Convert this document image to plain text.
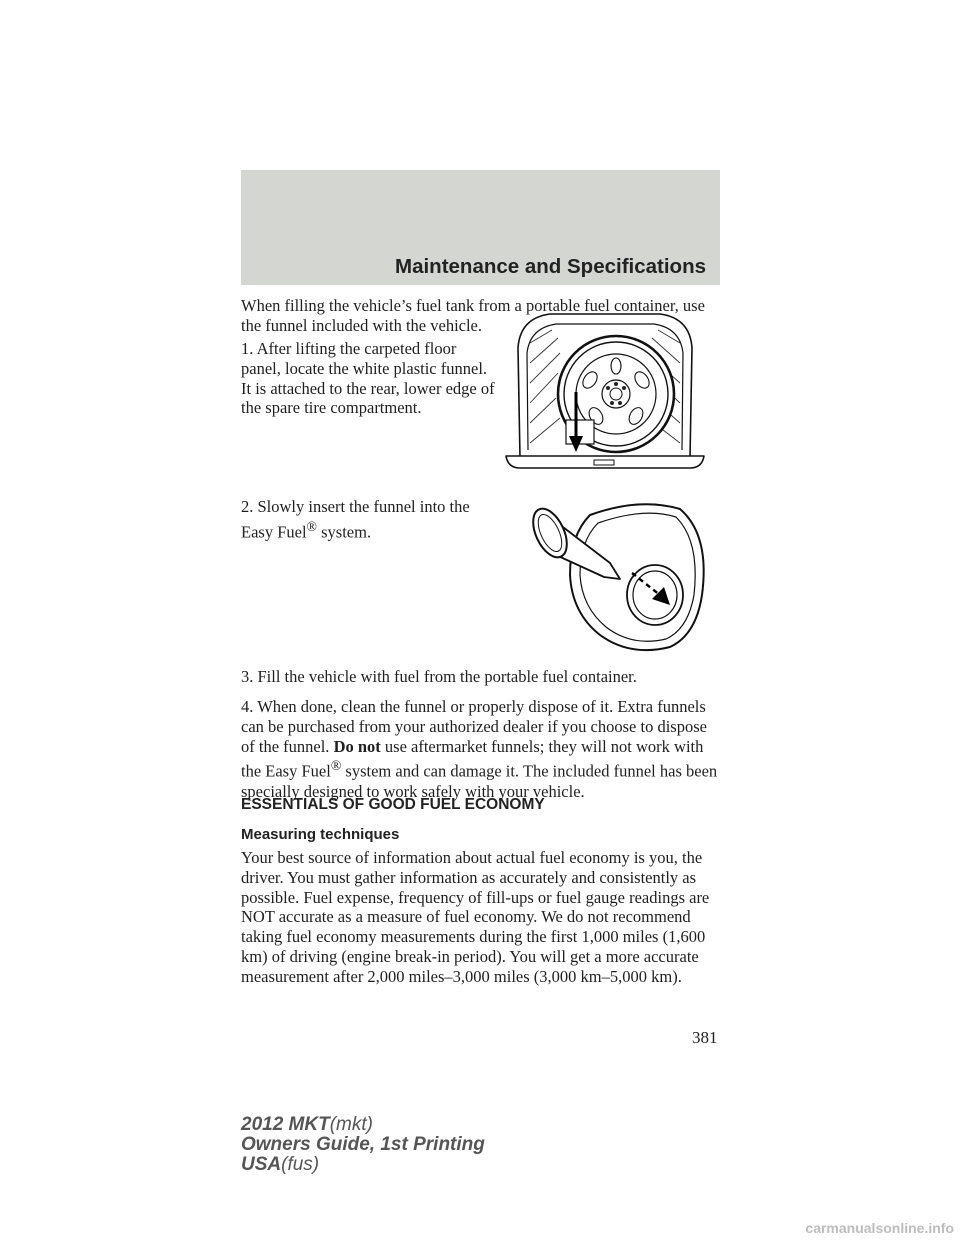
Maintenance and Specifications

When filling the vehicle’s fuel tank from a portable fuel container, use the funnel included with the vehicle.

1. After lifting the carpeted floor panel, locate the white plastic funnel. It is attached to the rear, lower edge of the spare tire compartment.

2. Slowly insert the funnel into the Easy Fuel® system.

3. Fill the vehicle with fuel from the portable fuel container.

4. When done, clean the funnel or properly dispose of it. Extra funnels can be purchased from your authorized dealer if you choose to dispose of the funnel. Do not use aftermarket funnels; they will not work with the Easy Fuel® system and can damage it. The included funnel has been specially designed to work safely with your vehicle.

ESSENTIALS OF GOOD FUEL ECONOMY
Measuring techniques

Your best source of information about actual fuel economy is you, the driver. You must gather information as accurately and consistently as possible. Fuel expense, frequency of fill-ups or fuel gauge readings are NOT accurate as a measure of fuel economy. We do not recommend taking fuel economy measurements during the first 1,000 miles (1,600 km) of driving (engine break-in period). You will get a more accurate measurement after 2,000 miles–3,000 miles (3,000 km–5,000 km).

381
2012 MKT(mkt)
Owners Guide, 1st Printing
USA(fus)
carmanualsonline.info
